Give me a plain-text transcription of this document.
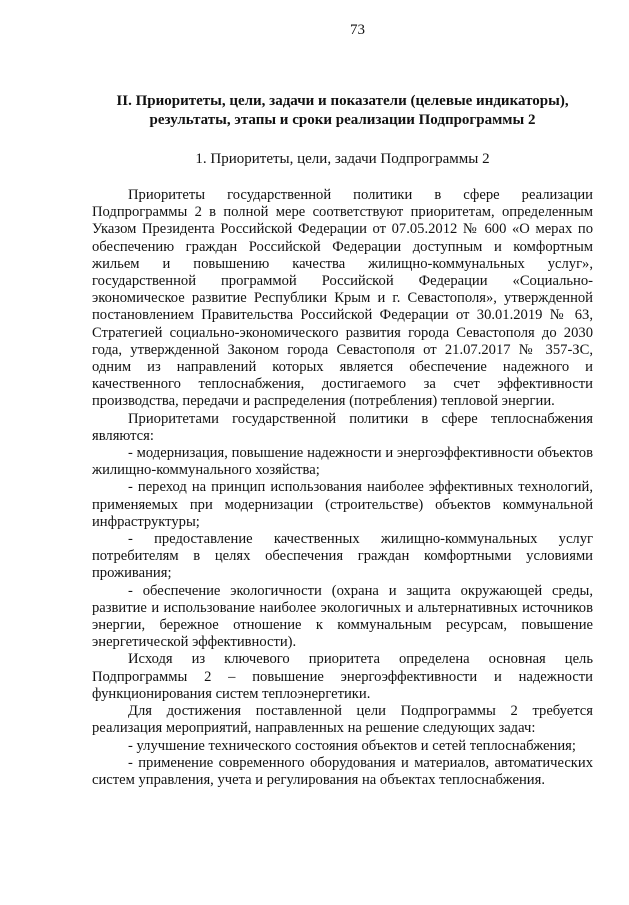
73
II. Приоритеты, цели, задачи и показатели (целевые индикаторы),
результаты, этапы и сроки реализации Подпрограммы 2
1. Приоритеты, цели, задачи Подпрограммы 2

Приоритеты государственной политики в сфере реализации Подпрограммы 2 в полной мере соответствуют приоритетам, определенным Указом Президента Российской Федерации от 07.05.2012 № 600 «О мерах по обеспечению граждан Российской Федерации доступным и комфортным жильем и повышению качества жилищно-коммунальных услуг», государственной программой Российской Федерации «Социально-экономическое развитие Республики Крым и г. Севастополя», утвержденной постановлением Правительства Российской Федерации от 30.01.2019 № 63, Стратегией социально-экономического развития города Севастополя до 2030 года, утвержденной Законом города Севастополя от 21.07.2017 № 357-ЗС, одним из направлений которых является обеспечение надежного и качественного теплоснабжения, достигаемого за счет эффективности производства, передачи и распределения (потребления) тепловой энергии.

Приоритетами государственной политики в сфере теплоснабжения являются:

- модернизация, повышение надежности и энергоэффективности объектов жилищно-коммунального хозяйства;

- переход на принцип использования наиболее эффективных технологий, применяемых при модернизации (строительстве) объектов коммунальной инфраструктуры;

- предоставление качественных жилищно-коммунальных услуг потребителям в целях обеспечения граждан комфортными условиями проживания;

- обеспечение экологичности (охрана и защита окружающей среды, развитие и использование наиболее экологичных и альтернативных источников энергии, бережное отношение к коммунальным ресурсам, повышение энергетической эффективности).

Исходя из ключевого приоритета определена основная цель Подпрограммы 2 – повышение энергоэффективности и надежности функционирования систем теплоэнергетики.

Для достижения поставленной цели Подпрограммы 2 требуется реализация мероприятий, направленных на решение следующих задач:

- улучшение технического состояния объектов и сетей теплоснабжения;

- применение современного оборудования и материалов, автоматических систем управления, учета и регулирования на объектах теплоснабжения.
